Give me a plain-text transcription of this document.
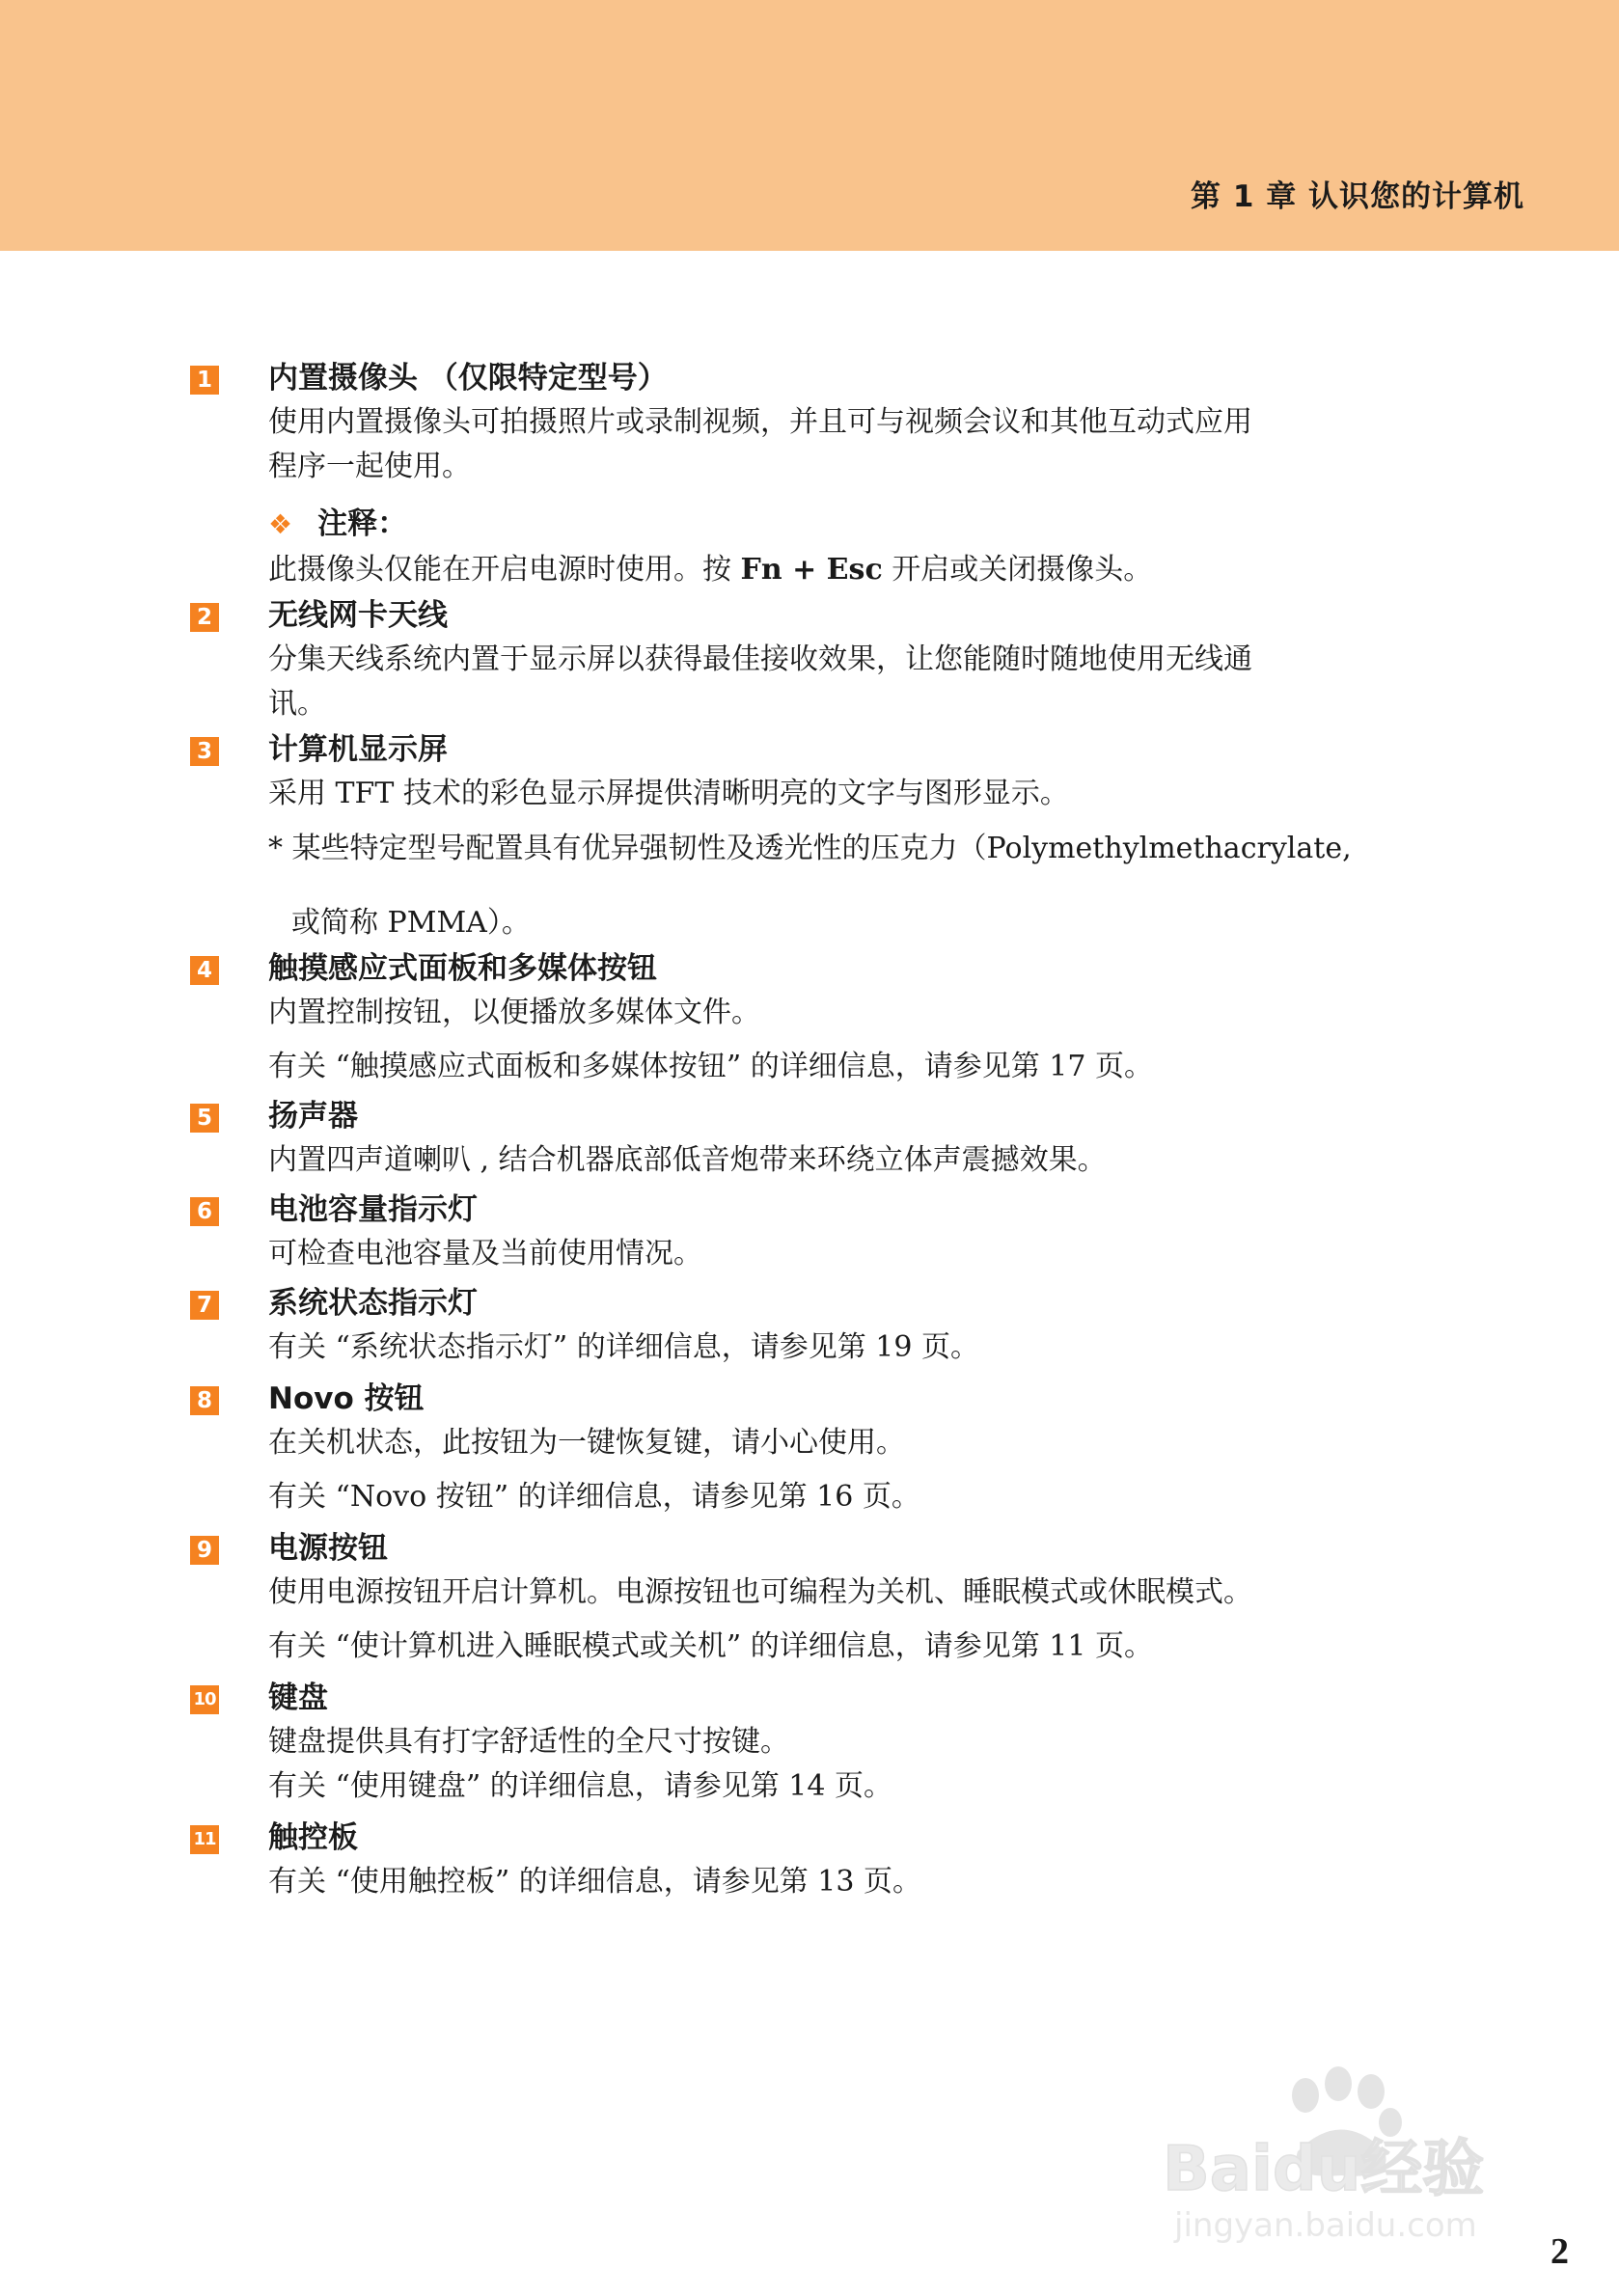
第 1 章 认识您的计算机
1 内置摄像头 （仅限特定型号）

使用内置摄像头可拍摄照片或录制视频，并且可与视频会议和其他互动式应用

程序一起使用。

❖ 注释：

此摄像头仅能在开启电源时使用。按 Fn + Esc 开启或关闭摄像头。

2 无线网卡天线

分集天线系统内置于显示屏以获得最佳接收效果，让您能随时随地使用无线通

讯。

3 计算机显示屏

采用 TFT 技术的彩色显示屏提供清晰明亮的文字与图形显示。

* 某些特定型号配置具有优异强韧性及透光性的压克力（Polymethylmethacrylate,

或简称 PMMA）。

4 触摸感应式面板和多媒体按钮

内置控制按钮，以便播放多媒体文件。

有关 “触摸感应式面板和多媒体按钮” 的详细信息，请参见第 17 页。

5 扬声器

内置四声道喇叭 , 结合机器底部低音炮带来环绕立体声震撼效果。

6 电池容量指示灯

可检查电池容量及当前使用情况。

7 系统状态指示灯

有关 “系统状态指示灯” 的详细信息，请参见第 19 页。

8 Novo 按钮

在关机状态，此按钮为一键恢复键，请小心使用。

有关 “Novo 按钮” 的详细信息，请参见第 16 页。

9 电源按钮

使用电源按钮开启计算机。电源按钮也可编程为关机、睡眠模式或休眠模式。

有关 “使计算机进入睡眠模式或关机” 的详细信息，请参见第 11 页。

10 键盘

键盘提供具有打字舒适性的全尺寸按键。

有关 “使用键盘” 的详细信息，请参见第 14 页。

11 触控板

有关 “使用触控板” 的详细信息，请参见第 13 页。

Baidu经验
jingyan.baidu.com
2
